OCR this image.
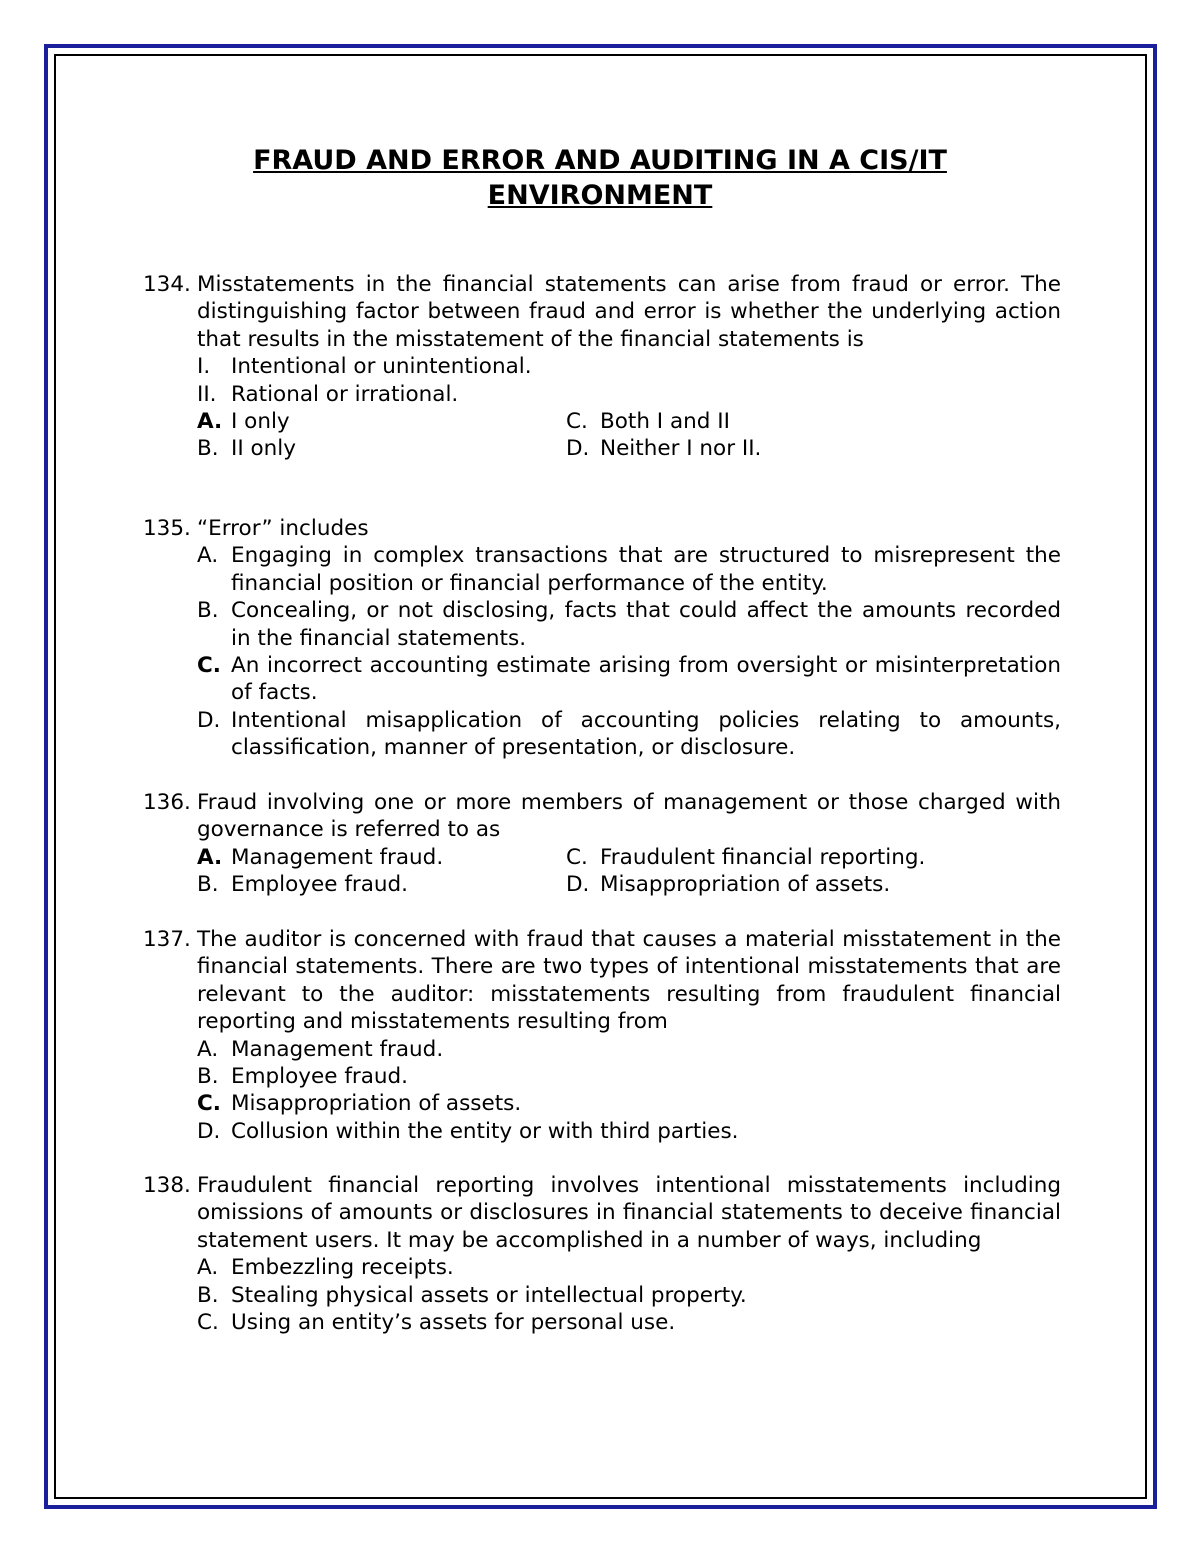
FRAUD AND ERROR AND AUDITING IN A CIS/IT
ENVIRONMENT
134. Misstatements in the financial statements can arise from fraud or error. The distinguishing factor between fraud and error is whether the underlying action that results in the misstatement of the financial statements is
I. Intentional or unintentional.
II. Rational or irrational.
A. I only	C. Both I and II
B. II only	D. Neither I nor II.
135. “Error” includes
A. Engaging in complex transactions that are structured to misrepresent the financial position or financial performance of the entity.
B. Concealing, or not disclosing, facts that could affect the amounts recorded in the financial statements.
C. An incorrect accounting estimate arising from oversight or misinterpretation of facts.
D. Intentional misapplication of accounting policies relating to amounts, classification, manner of presentation, or disclosure.
136. Fraud involving one or more members of management or those charged with governance is referred to as
A. Management fraud.	C. Fraudulent financial reporting.
B. Employee fraud.	D. Misappropriation of assets.
137. The auditor is concerned with fraud that causes a material misstatement in the financial statements. There are two types of intentional misstatements that are relevant to the auditor: misstatements resulting from fraudulent financial reporting and misstatements resulting from
A. Management fraud.
B. Employee fraud.
C. Misappropriation of assets.
D. Collusion within the entity or with third parties.
138. Fraudulent financial reporting involves intentional misstatements including omissions of amounts or disclosures in financial statements to deceive financial statement users. It may be accomplished in a number of ways, including
A. Embezzling receipts.
B. Stealing physical assets or intellectual property.
C. Using an entity’s assets for personal use.
